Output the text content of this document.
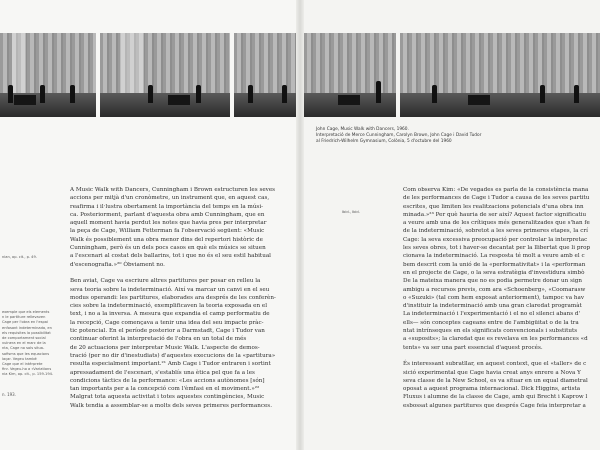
John Cage, Music Walk with Dancers, 1960.
Interpretació de Merce Cunningham, Carolyn Brown, John Cage i David Tudor
al Friedrich-Wilhelm Gymnasium, Colònia, 5 d'octubre del 1960
nian, op. cit., p. 49.
exemple que els elements
n le partiture rellevaven
Cage per l'obra en l'espai
enfosant indeterminada, en
els requisites la possibilitat
de comportament social
vulnera en el marc de la
nta, Cage no sols situa-
sofisms que les equacions
laçar. Vegeu també
Cage que el intérprete
finr. Vegeu-ho a «Variations
nia Kim, op. cit., p. 159-194.
n. 193.

A Music Walk with Dancers, Cunningham i Brown estructuren les seves
accions per mitjà d'un cronòmetre, un instrument que, en aquest cas,
reafirma i il·lustra obertament la importància del temps en la músi-
ca. Posteriorment, parlant d'aquesta obra amb Cunningham, que en
aquell moment havia perdut les notes que havia pres per interpretar
la peça de Cage, William Fetterman fa l'observació següent: «Music
Walk és possiblement una obra menor dins del repertori històric de
Cunningham, però és un dels pocs casos en què els músics se situen
a l'escenari al costat dels ballarins, tot i que no és el seu estil habitual
d'escenografia.»²⁰ Òbviament no.

Ben aviat, Cage va escriure altres partitures per posar en relleu la
seva teoria sobre la indeterminació. Així va marcar un canvi en el seu
modus operandi: les partitures, elaborades ara després de les conferèn-
cies sobre la indeterminació, exemplificaven la teoria exposada en el
text, i no a la inversa. A mesura que expandia el camp performatiu de
la recepció, Cage començava a tenir una idea del seu impacte pràc-
tic potencial. En el període posterior a Darmstadt, Cage i Tudor van
continuar oferint la interpretació de l'obra en un total de més
de 20 actuacions per interpretar Music Walk. L'aspecte de demos-
tració (per no dir d'inestudiats) d'aquestes execucions de la «partitura»
resulta especialment important.²¹ Amb Cage i Tudor entraren i sortint
apressadament de l'escenari, s'establís una ètica pel que fa a les
condicions tàctics de la performance: «Les accions autònomes [són]
tan importants per a la concepció com l'èmfasi en el moviment.»²²
Malgrat tota aquesta activitat i totes aquestes contingències, Music
Walk tendia a assemblar-se a molts dels seves primeres performances.

Ibid., Ibid.

Com observa Kim: «De vegades es parla de la consistència mana
de les performances de Cage i Tudor a causa de les seves partitu
escrites, que limiten les realitzacions potencials d'una obra inn
minada.»²³ Per què hauria de ser així? Aquest factor significatiu
a veure amb una de les crítiques més generalitzades que s'han fe
de la indeterminació, sobretot a les seves primeres etapes, la crí
Cage: la seva excessiva preocupació per controlar la interpretac
les seves obres, tot i haver-se decantat per la llibertat que li prop
cionava la indeterminació. La resposta té molt a veure amb el c
bem descrit com la unió de la «performativitat» i la «performan
en el projecte de Cage, o la seva estratègia d'investidura simbò
De la mateixa manera que no es podia permetre donar un sign
ambigu a recursos previs, com ara «Schoenberg», «Coomarasw
o «Suzuki» (tal com hem exposat anteriorment), tampoc va hav
d'instituir la indeterminació amb una gran claredat programàt
La indeterminació i l'experimentació i el no el silenci abans d'
ells— són conceptes cageans entre de l'ambigüitat o de la tra
ntat intrínseques en els significats convencionals i substituts
a «suposits»; la claredat que es revelava en les performances «d
tents» va ser una part essencial d'aquest procés.

És interessant subratllar, en aquest context, que el «taller» de c
sició experimental que Cage havia creat anys enrere a Nova Y
seva classe de la New School, es va situar en un equal diametral
oposat a aquest programa internacional. Dick Higgins, artista
Fluxus i alumne de la classe de Cage, amb qui Brecht i Kaprow l
esbossat algunes partitures que després Cage feia interpretar a
